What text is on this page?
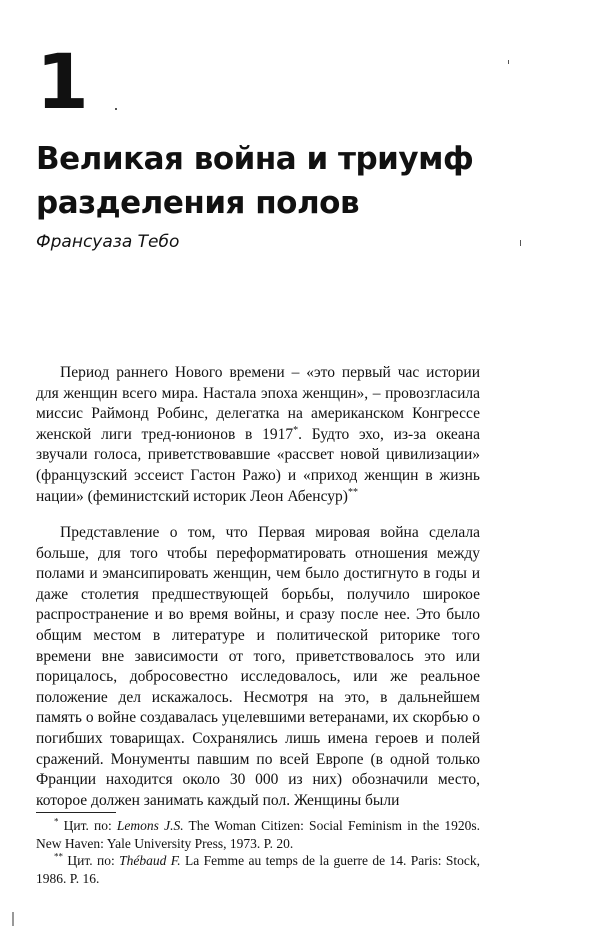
1
Великая война и триумф разделения полов
Франсуаза Тебо

Период раннего Нового времени – «это первый час истории для женщин всего мира. Настала эпоха женщин», – провозгласила миссис Раймонд Робинс, делегатка на американском Конгрессе женской лиги тред-юнионов в 1917*. Будто эхо, из-за океана звучали голоса, приветствовавшие «рассвет новой цивилизации» (французский эссеист Гастон Ражо) и «приход женщин в жизнь нации» (феминистский историк Леон Абенсур)**

Представление о том, что Первая мировая война сделала больше, для того чтобы переформатировать отношения между полами и эмансипировать женщин, чем было достигнуто в годы и даже столетия предшествующей борьбы, получило широкое распространение и во время войны, и сразу после нее. Это было общим местом в литературе и политической риторике того времени вне зависимости от того, приветствовалось это или порицалось, добросовестно исследовалось, или же реальное положение дел искажалось. Несмотря на это, в дальнейшем память о войне создавалась уцелевшими ветеранами, их скорбью о погибших товарищах. Сохранялись лишь имена героев и полей сражений. Монументы павшим по всей Европе (в одной только Франции находится около 30 000 из них) обозначили место, которое должен занимать каждый пол. Женщины были

* Цит. по: Lemons J.S. The Woman Citizen: Social Feminism in the 1920s. New Haven: Yale University Press, 1973. P. 20.

** Цит. по: Thébaud F. La Femme au temps de la guerre de 14. Paris: Stock, 1986. P. 16.
